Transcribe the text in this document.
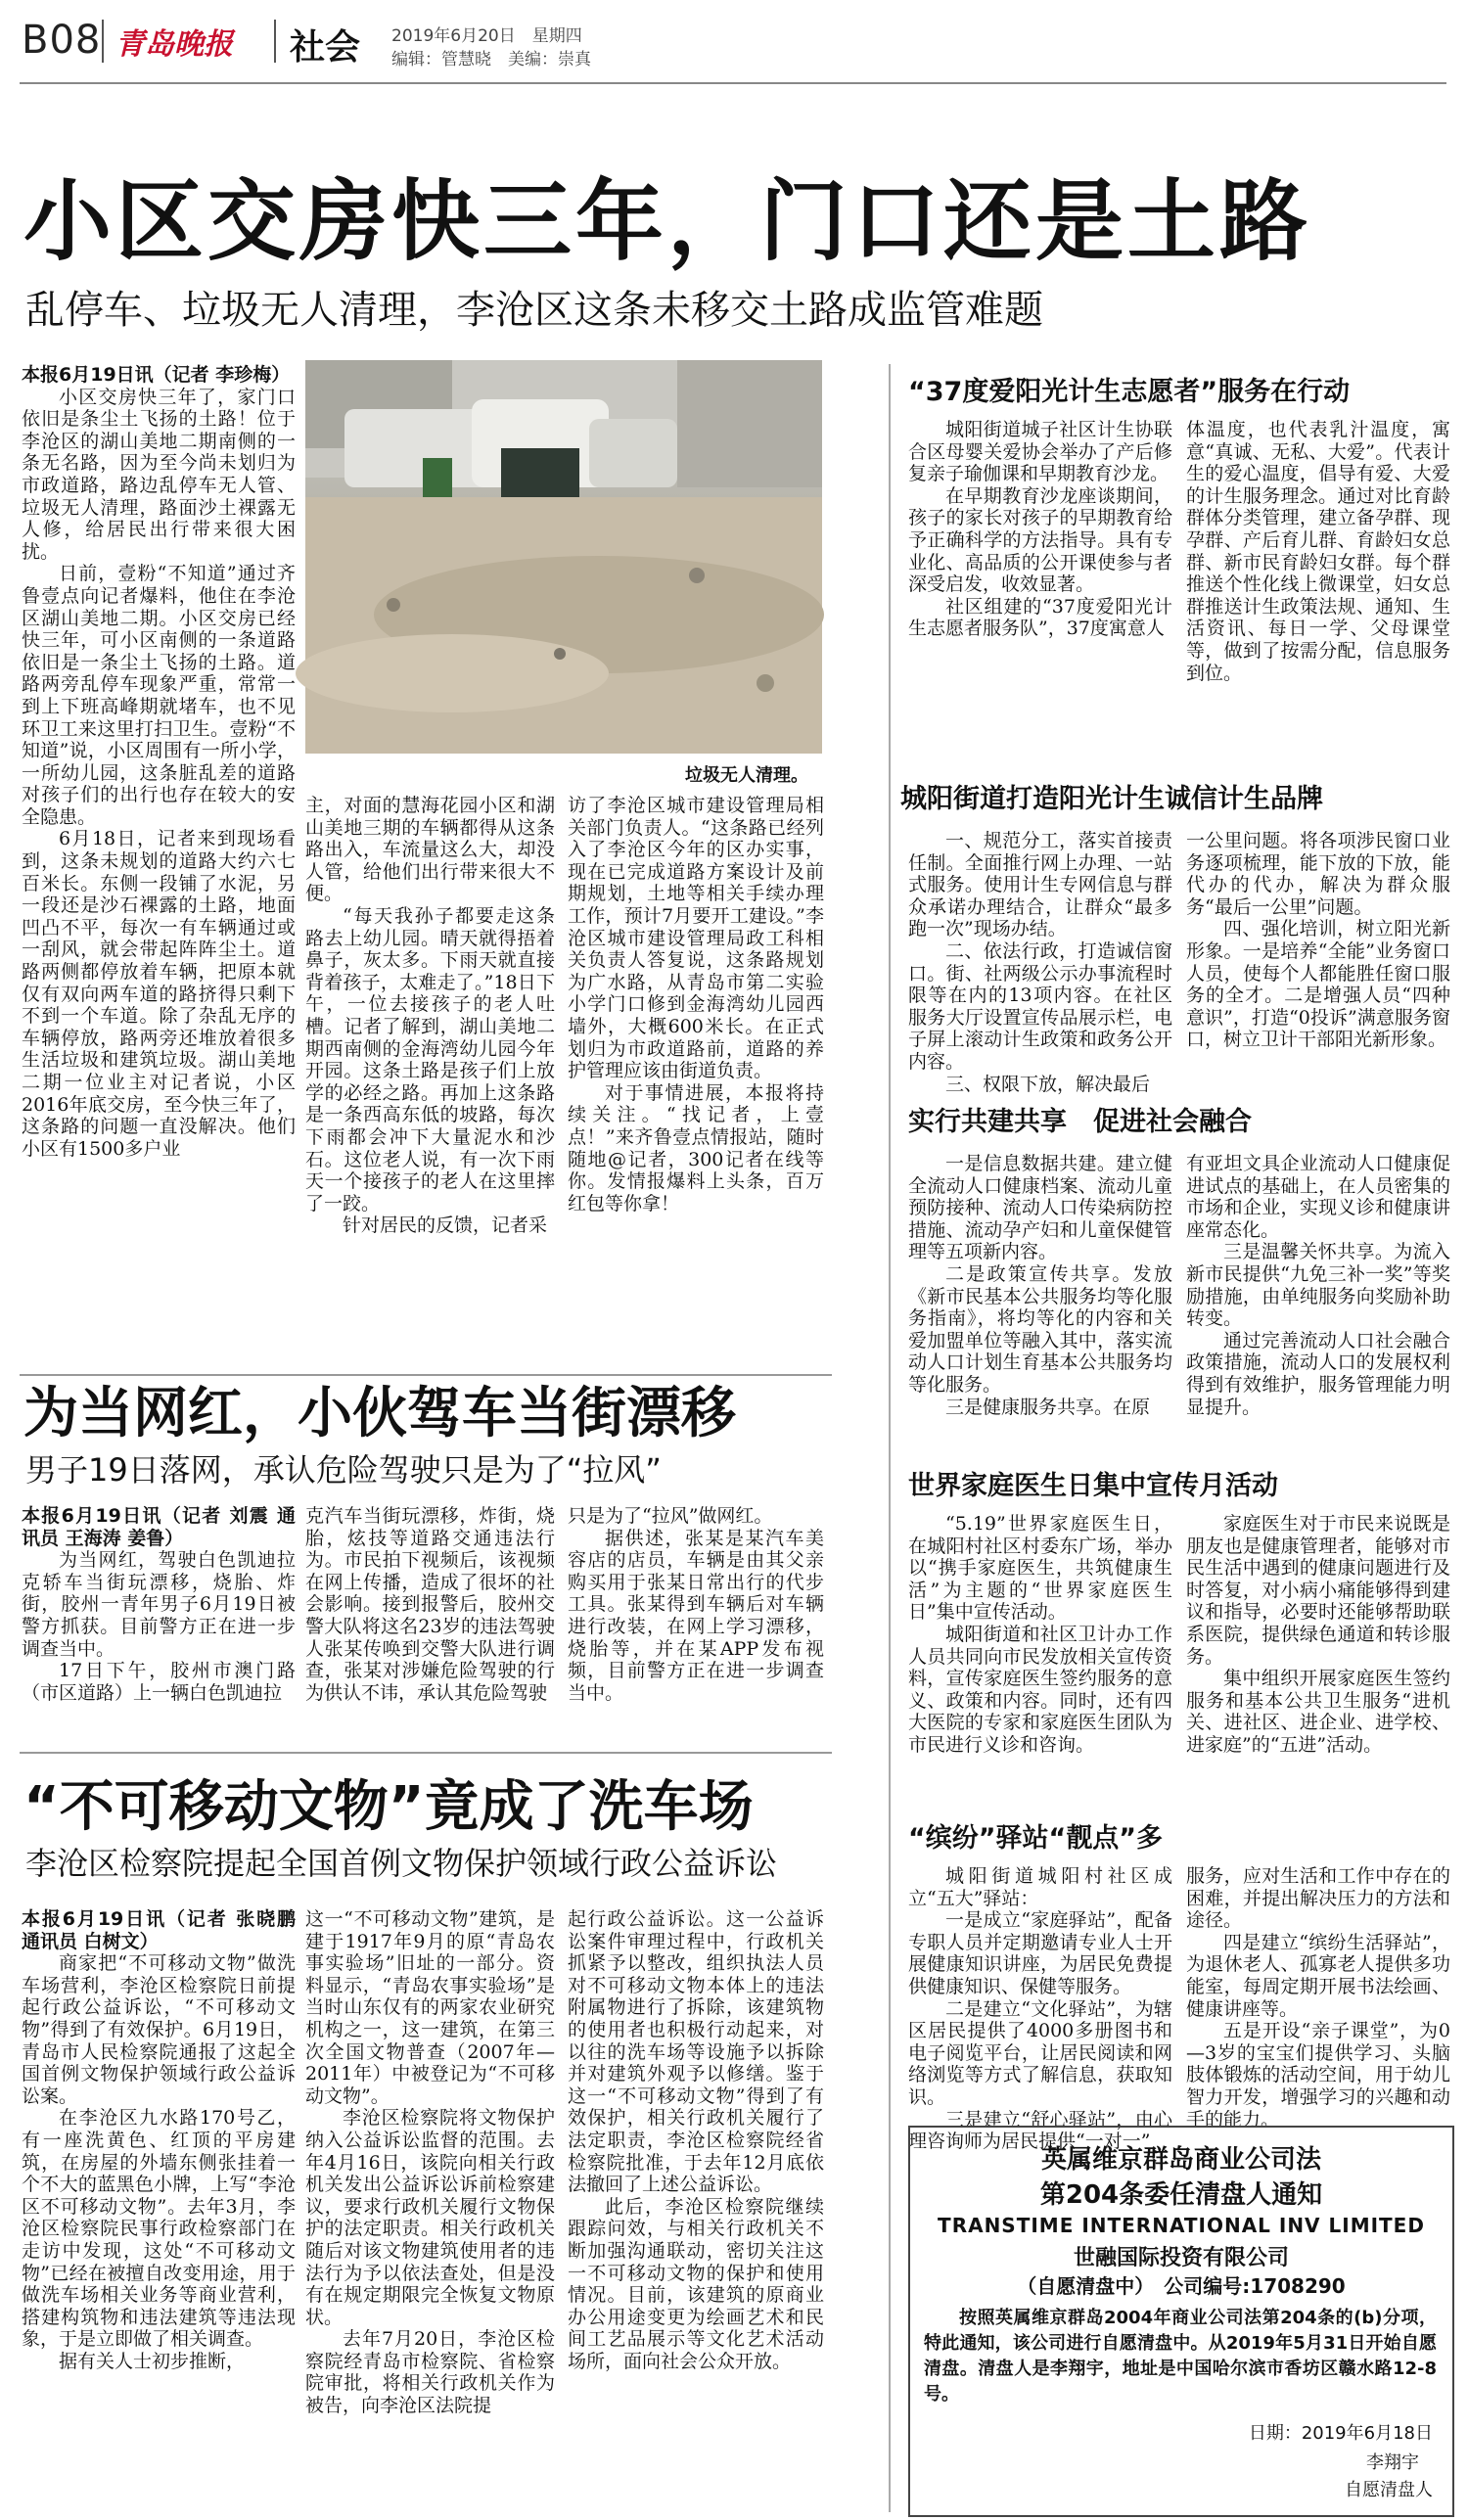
B08 青岛晚报 社会 2019年6月20日　星期四
编辑：管慧晓　美编：崇真
小区交房快三年，门口还是土路
乱停车、垃圾无人清理，李沧区这条未移交土路成监管难题
本报6月19日讯（记者 李珍梅）

小区交房快三年了，家门口依旧是条尘土飞扬的土路！位于李沧区的湖山美地二期南侧的一条无名路，因为至今尚未划归为市政道路，路边乱停车无人管、垃圾无人清理，路面沙土裸露无人修，给居民出行带来很大困扰。

日前，壹粉“不知道”通过齐鲁壹点向记者爆料，他住在李沧区湖山美地二期。小区交房已经快三年，可小区南侧的一条道路依旧是一条尘土飞扬的土路。道路两旁乱停车现象严重，常常一到上下班高峰期就堵车，也不见环卫工来这里打扫卫生。壹粉“不知道”说，小区周围有一所小学，一所幼儿园，这条脏乱差的道路对孩子们的出行也存在较大的安全隐患。

6月18日，记者来到现场看到，这条未规划的道路大约六七百米长。东侧一段铺了水泥，另一段还是沙石裸露的土路，地面凹凸不平，每次一有车辆通过或一刮风，就会带起阵阵尘土。道路两侧都停放着车辆，把原本就仅有双向两车道的路挤得只剩下不到一个车道。除了杂乱无序的车辆停放，路两旁还堆放着很多生活垃圾和建筑垃圾。湖山美地二期一位业主对记者说，小区2016年底交房，至今快三年了，这条路的问题一直没解决。他们小区有1500多户业

垃圾无人清理。

主，对面的慧海花园小区和湖山美地三期的车辆都得从这条路出入，车流量这么大，却没人管，给他们出行带来很大不便。

“每天我孙子都要走这条路去上幼儿园。晴天就得捂着鼻子，灰太多。下雨天就直接背着孩子，太难走了。”18日下午，一位去接孩子的老人吐槽。记者了解到，湖山美地二期西南侧的金海湾幼儿园今年开园。这条土路是孩子们上放学的必经之路。再加上这条路是一条西高东低的坡路，每次下雨都会冲下大量泥水和沙石。这位老人说，有一次下雨天一个接孩子的老人在这里摔了一跤。

针对居民的反馈，记者采

访了李沧区城市建设管理局相关部门负责人。“这条路已经列入了李沧区今年的区办实事，现在已完成道路方案设计及前期规划，土地等相关手续办理工作，预计7月要开工建设。”李沧区城市建设管理局政工科相关负责人答复说，这条路规划为广水路，从青岛市第二实验小学门口修到金海湾幼儿园西墙外，大概600米长。在正式划归为市政道路前，道路的养护管理应该由街道负责。

对于事情进展，本报将持续关注。“找记者，上壹点！”来齐鲁壹点情报站，随时随地@记者，300记者在线等你。发情报爆料上头条，百万红包等你拿！

为当网红，小伙驾车当街漂移
男子19日落网，承认危险驾驶只是为了“拉风”
本报6月19日讯（记者 刘震 通讯员 王海涛 姜鲁）

为当网红，驾驶白色凯迪拉克轿车当街玩漂移，烧胎、炸街，胶州一青年男子6月19日被警方抓获。目前警方正在进一步调查当中。

17日下午，胶州市澳门路（市区道路）上一辆白色凯迪拉

克汽车当街玩漂移，炸街，烧胎，炫技等道路交通违法行为。市民拍下视频后，该视频在网上传播，造成了很坏的社会影响。接到报警后，胶州交警大队将这名23岁的违法驾驶人张某传唤到交警大队进行调查，张某对涉嫌危险驾驶的行为供认不讳，承认其危险驾驶

只是为了“拉风”做网红。

据供述，张某是某汽车美容店的店员，车辆是由其父亲购买用于张某日常出行的代步工具。张某得到车辆后对车辆进行改装，在网上学习漂移，烧胎等，并在某APP发布视频，目前警方正在进一步调查当中。

“不可移动文物”竟成了洗车场
李沧区检察院提起全国首例文物保护领域行政公益诉讼
本报6月19日讯（记者 张晓鹏 通讯员 白树文）

商家把“不可移动文物”做洗车场营利，李沧区检察院日前提起行政公益诉讼，“不可移动文物”得到了有效保护。6月19日，青岛市人民检察院通报了这起全国首例文物保护领域行政公益诉讼案。

在李沧区九水路170号乙，有一座洗黄色、红顶的平房建筑，在房屋的外墙东侧张挂着一个不大的蓝黑色小牌，上写“李沧区不可移动文物”。去年3月，李沧区检察院民事行政检察部门在走访中发现，这处“不可移动文物”已经在被擅自改变用途，用于做洗车场相关业务等商业营利，搭建构筑物和违法建筑等违法现象，于是立即做了相关调查。

据有关人士初步推断，

这一“不可移动文物”建筑，是建于1917年9月的原“青岛农事实验场”旧址的一部分。资料显示，“青岛农事实验场”是当时山东仅有的两家农业研究机构之一，这一建筑，在第三次全国文物普查（2007年—2011年）中被登记为“不可移动文物”。

李沧区检察院将文物保护纳入公益诉讼监督的范围。去年4月16日，该院向相关行政机关发出公益诉讼诉前检察建议，要求行政机关履行文物保护的法定职责。相关行政机关随后对该文物建筑使用者的违法行为予以依法查处，但是没有在规定期限完全恢复文物原状。

去年7月20日，李沧区检察院经青岛市检察院、省检察院审批，将相关行政机关作为被告，向李沧区法院提

起行政公益诉讼。这一公益诉讼案件审理过程中，行政机关抓紧予以整改，组织执法人员对不可移动文物本体上的违法附属物进行了拆除，该建筑物的使用者也积极行动起来，对以往的洗车场等设施予以拆除并对建筑外观予以修缮。鉴于这一“不可移动文物”得到了有效保护，相关行政机关履行了法定职责，李沧区检察院经省检察院批准，于去年12月底依法撤回了上述公益诉讼。

此后，李沧区检察院继续跟踪问效，与相关行政机关不断加强沟通联动，密切关注这一不可移动文物的保护和使用情况。目前，该建筑的原商业办公用途变更为绘画艺术和民间工艺品展示等文化艺术活动场所，面向社会公众开放。

“37度爱阳光计生志愿者”服务在行动

城阳街道城子社区计生协联合区母婴关爱协会举办了产后修复亲子瑜伽课和早期教育沙龙。

在早期教育沙龙座谈期间，孩子的家长对孩子的早期教育给予正确科学的方法指导。具有专业化、高品质的公开课使参与者深受启发，收效显著。

社区组建的“37度爱阳光计生志愿者服务队”，37度寓意人

体温度，也代表乳汁温度，寓意“真诚、无私、大爱”。代表计生的爱心温度，倡导有爱、大爱的计生服务理念。通过对比育龄群体分类管理，建立备孕群、现孕群、产后育儿群、育龄妇女总群、新市民育龄妇女群。每个群推送个性化线上微课堂，妇女总群推送计生政策法规、通知、生活资讯、每日一学、父母课堂等，做到了按需分配，信息服务到位。

城阳街道打造阳光计生诚信计生品牌

一、规范分工，落实首接责任制。全面推行网上办理、一站式服务。使用计生专网信息与群众承诺办理结合，让群众“最多跑一次”现场办结。

二、依法行政，打造诚信窗口。街、社两级公示办事流程时限等在内的13项内容。在社区服务大厅设置宣传品展示栏，电子屏上滚动计生政策和政务公开内容。

三、权限下放，解决最后

一公里问题。将各项涉民窗口业务逐项梳理，能下放的下放，能代办的代办，解决为群众服务“最后一公里”问题。

四、强化培训，树立阳光新形象。一是培养“全能”业务窗口人员，使每个人都能胜任窗口服务的全才。二是增强人员“四种意识”，打造“0投诉”满意服务窗口，树立卫计干部阳光新形象。

实行共建共享　促进社会融合

一是信息数据共建。建立健全流动人口健康档案、流动儿童预防接种、流动人口传染病防控措施、流动孕产妇和儿童保健管理等五项新内容。

二是政策宣传共享。发放《新市民基本公共服务均等化服务指南》，将均等化的内容和关爱加盟单位等融入其中，落实流动人口计划生育基本公共服务均等化服务。

三是健康服务共享。在原

有亚坦文具企业流动人口健康促进试点的基础上，在人员密集的市场和企业，实现义诊和健康讲座常态化。

三是温馨关怀共享。为流入新市民提供“九免三补一奖”等奖励措施，由单纯服务向奖励补助转变。

通过完善流动人口社会融合政策措施，流动人口的发展权利得到有效维护，服务管理能力明显提升。

世界家庭医生日集中宣传月活动

“5.19”世界家庭医生日，在城阳村社区村委东广场，举办以“携手家庭医生，共筑健康生活”为主题的“世界家庭医生日”集中宣传活动。

城阳街道和社区卫计办工作人员共同向市民发放相关宣传资料，宣传家庭医生签约服务的意义、政策和内容。同时，还有四大医院的专家和家庭医生团队为市民进行义诊和咨询。

家庭医生对于市民来说既是朋友也是健康管理者，能够对市民生活中遇到的健康问题进行及时答复，对小病小痛能够得到建议和指导，必要时还能够帮助联系医院，提供绿色通道和转诊服务。

集中组织开展家庭医生签约服务和基本公共卫生服务“进机关、进社区、进企业、进学校、进家庭”的“五进”活动。

“缤纷”驿站“靓点”多

城阳街道城阳村社区成立“五大”驿站：

一是成立“家庭驿站”，配备专职人员并定期邀请专业人士开展健康知识讲座，为居民免费提供健康知识、保健等服务。

二是建立“文化驿站”，为辖区居民提供了4000多册图书和电子阅览平台，让居民阅读和网络浏览等方式了解信息，获取知识。

三是建立“舒心驿站”，由心理咨询师为居民提供“一对一”

服务，应对生活和工作中存在的困难，并提出解决压力的方法和途径。

四是建立“缤纷生活驿站”，为退休老人、孤寡老人提供多功能室，每周定期开展书法绘画、健康讲座等。

五是开设“亲子课堂”，为0—3岁的宝宝们提供学习、头脑肢体锻炼的活动空间，用于幼儿智力开发，增强学习的兴趣和动手的能力。

英属维京群岛商业公司法
第204条委任清盘人通知
TRANSTIME INTERNATIONAL INV LIMITED
世融国际投资有限公司
（自愿清盘中）　公司编号:1708290
按照英属维京群岛2004年商业公司法第204条的(b)分项，特此通知，该公司进行自愿清盘中。从2019年5月31日开始自愿清盘。清盘人是李翔宇，地址是中国哈尔滨市香坊区赣水路12-8号。
日期：2019年6月18日
李翔宇
自愿清盘人
